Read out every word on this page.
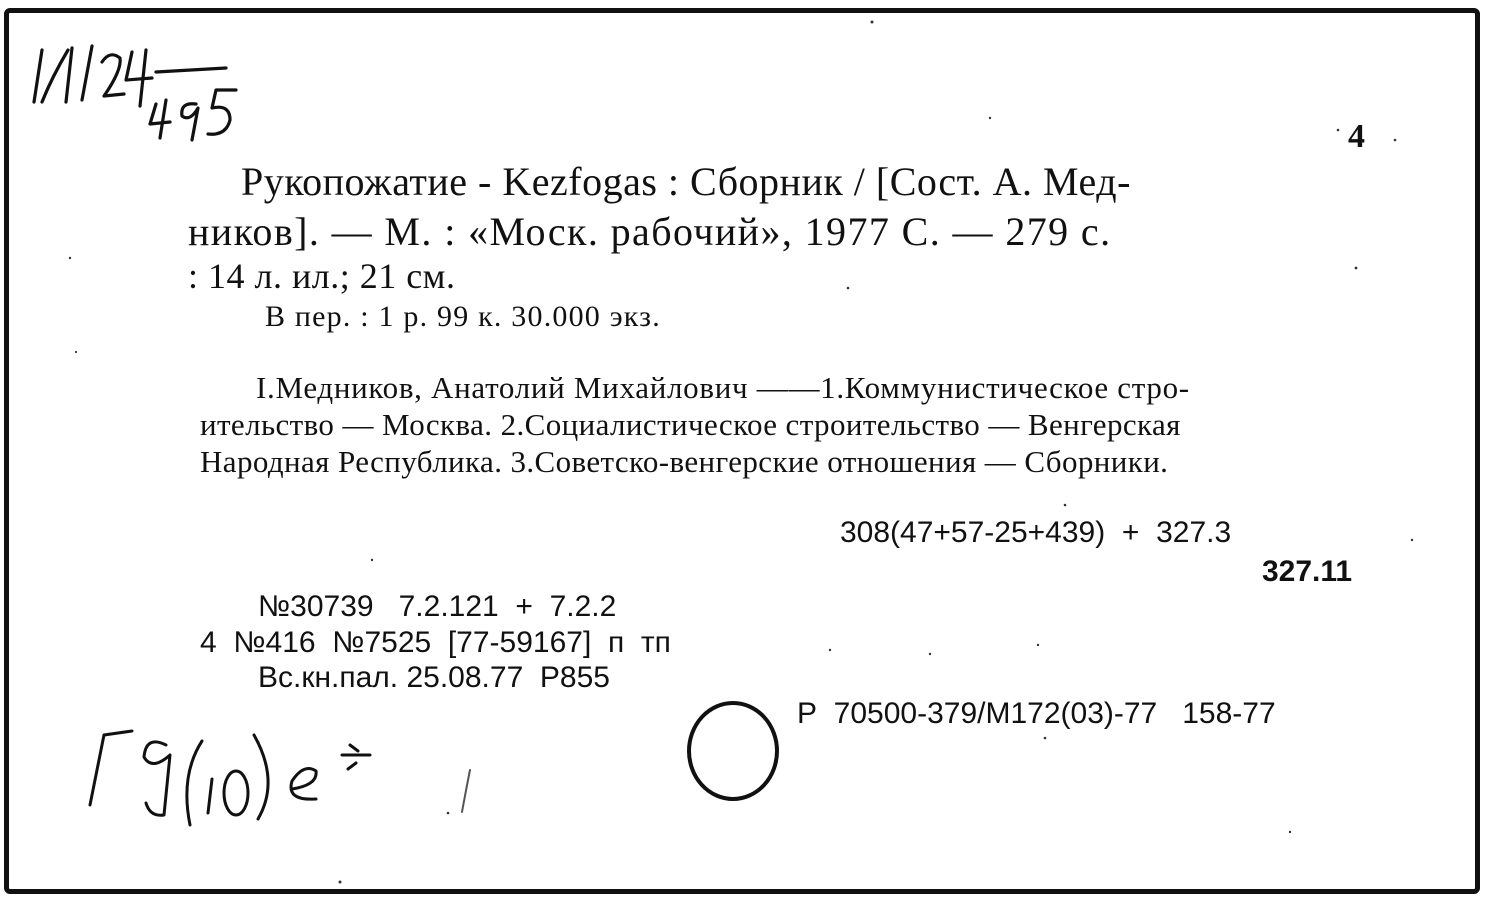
4
Рукопожатие - Kezfogas : Сборник / [Сост. А. Мед-
ников]. — М. : «Моск. рабочий», 1977 С. — 279 с.
: 14 л. ил.; 21 см.
В пер. : 1 р. 99 к. 30.000 экз.
I.Медников, Анатолий Михайлович ——1.Коммунистическое стро-
ительство — Москва. 2.Социалистическое строительство — Венгерская
Народная Республика. 3.Советско-венгерские отношения — Сборники.
308(47+57-25+439)  +  327.3
327.11
№30739   7.2.121  +  7.2.2
4  №416  №7525  [77-59167]  п  тп
Вс.кн.пал. 25.08.77  Р855
Р  70500-379/М172(03)-77   158-77
